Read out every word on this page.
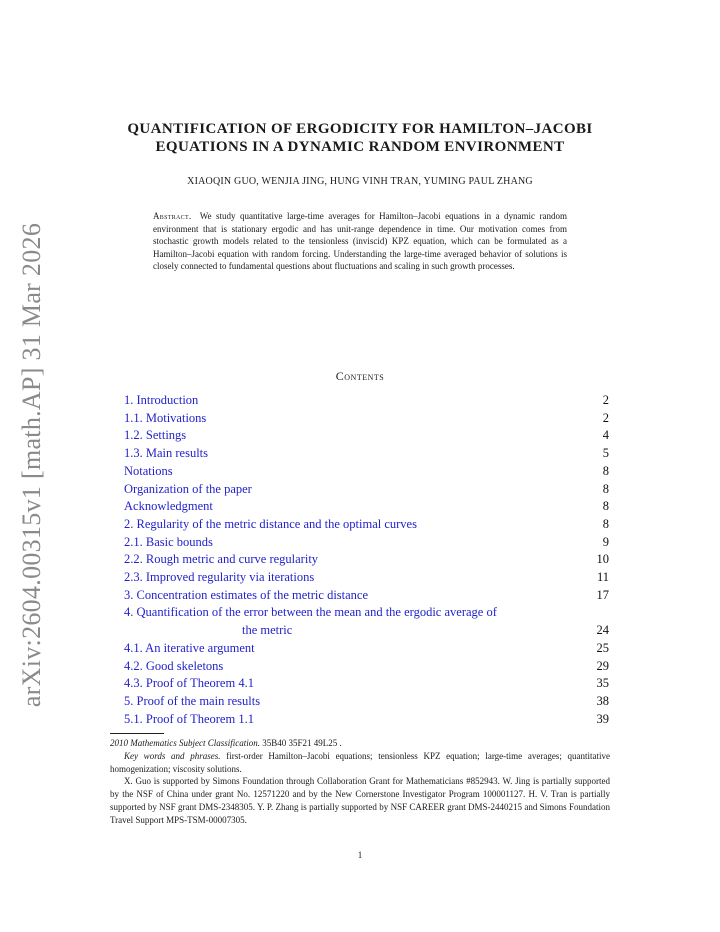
arXiv:2604.00315v1 [math.AP] 31 Mar 2026
QUANTIFICATION OF ERGODICITY FOR HAMILTON–JACOBI EQUATIONS IN A DYNAMIC RANDOM ENVIRONMENT
XIAOQIN GUO, WENJIA JING, HUNG VINH TRAN, YUMING PAUL ZHANG
Abstract. We study quantitative large-time averages for Hamilton–Jacobi equations in a dynamic random environment that is stationary ergodic and has unit-range dependence in time. Our motivation comes from stochastic growth models related to the tensionless (inviscid) KPZ equation, which can be formulated as a Hamilton–Jacobi equation with random forcing. Understanding the large-time averaged behavior of solutions is closely connected to fundamental questions about fluctuations and scaling in such growth processes.
Contents
1. Introduction	2
1.1. Motivations	2
1.2. Settings	4
1.3. Main results	5
Notations	8
Organization of the paper	8
Acknowledgment	8
2. Regularity of the metric distance and the optimal curves	8
2.1. Basic bounds	9
2.2. Rough metric and curve regularity	10
2.3. Improved regularity via iterations	11
3. Concentration estimates of the metric distance	17
4. Quantification of the error between the mean and the ergodic average of
the metric	24
4.1. An iterative argument	25
4.2. Good skeletons	29
4.3. Proof of Theorem 4.1	35
5. Proof of the main results	38
5.1. Proof of Theorem 1.1	39

2010 Mathematics Subject Classification. 35B40 35F21 49L25 .

Key words and phrases. first-order Hamilton–Jacobi equations; tensionless KPZ equation; large-time averages; quantitative homogenization; viscosity solutions.

X. Guo is supported by Simons Foundation through Collaboration Grant for Mathematicians #852943. W. Jing is partially supported by the NSF of China under grant No. 12571220 and by the New Cornerstone Investigator Program 100001127. H. V. Tran is partially supported by NSF grant DMS-2348305. Y. P. Zhang is partially supported by NSF CAREER grant DMS-2440215 and Simons Foundation Travel Support MPS-TSM-00007305.

1
